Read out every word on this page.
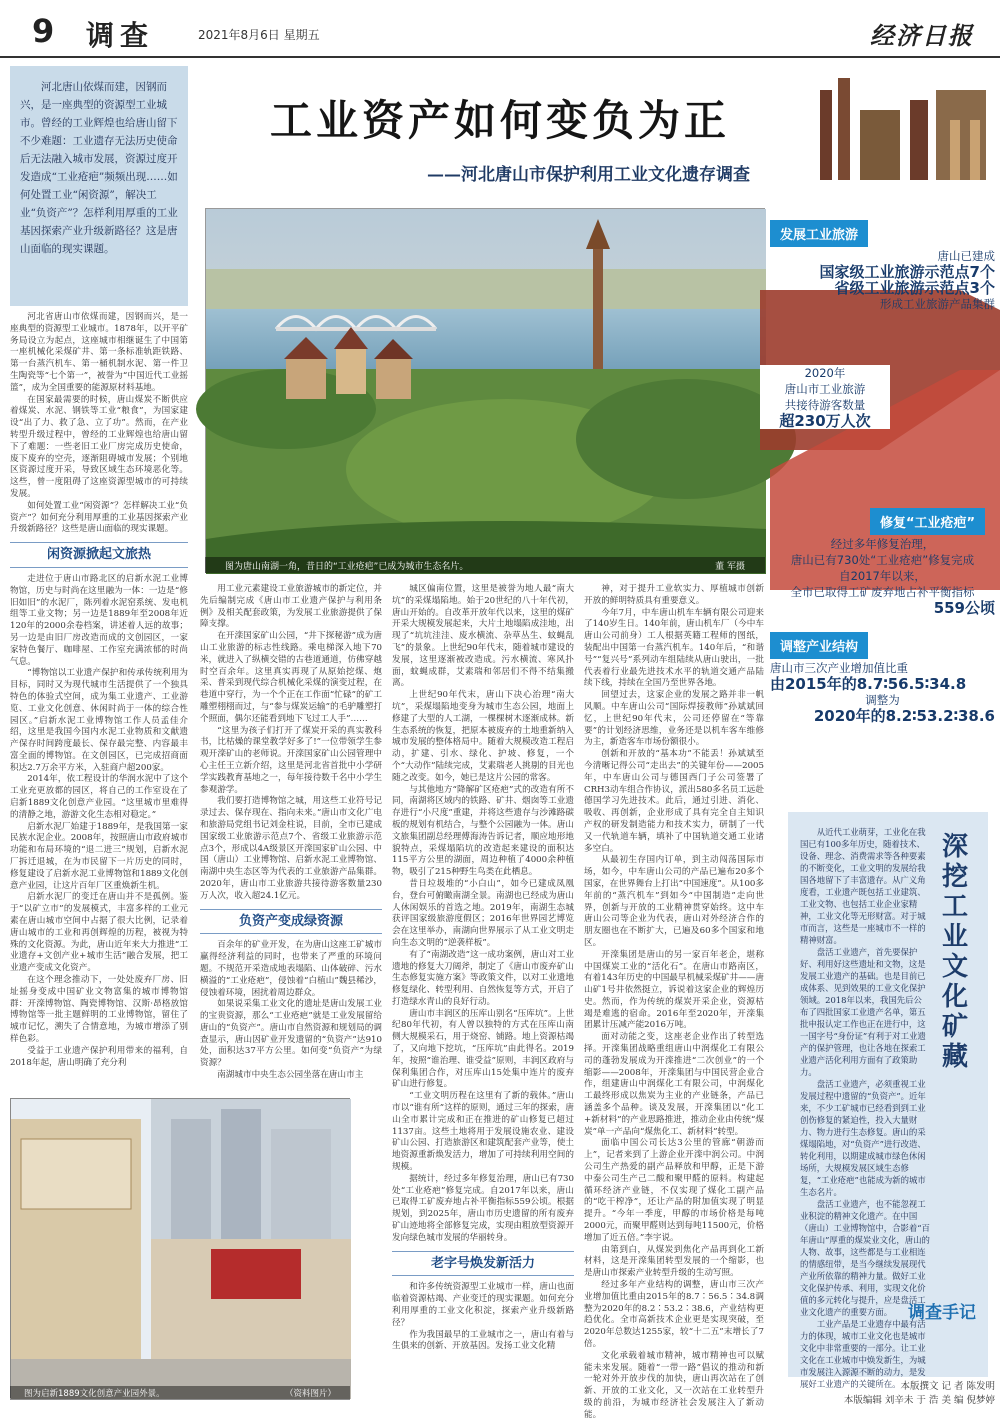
9 调查	2021年8月6日 星期五	经济日报

河北唐山依煤而建，因钢而兴，是一座典型的资源型工业城市。曾经的工业辉煌也给唐山留下不少难题：工业遗存无法历史使命后无法融入城市发展，资源过度开发造成“工业疮疤”频频出现……如何处置工业“闲资源”，解决工业“负资产”？怎样利用厚重的工业基因探索产业升级新路径？这是唐山面临的现实课题。

工业资产如何变负为正
——河北唐山市保护利用工业文化遗存调查
图为唐山南湖一角，昔日的“工业疮疤”已成为城市生态名片。	董 军摄
发展工业旅游
唐山已建成
国家级工业旅游示范点7个
省级工业旅游示范点3个
形成工业旅游产品集群
2020年
唐山市工业旅游
共接待游客数量
超230万人次
修复“工业疮疤”
经过多年修复治理，
唐山已有730处“工业疮疤”修复完成
自2017年以来，
全市已取得工矿废弃地占补平衡指标
559公顷
调整产业结构
唐山市三次产业增加值比重
由2015年的8.7∶56.5∶34.8
调整为
2020年的8.2∶53.2∶38.6

河北省唐山市依煤而建，因钢而兴，是一座典型的资源型工业城市。1878年，以开平矿务局设立为起点，这座城市相继诞生了中国第一座机械化采煤矿井、第一条标准轨距铁路、第一台蒸汽机车、第一桶机制水泥、第一件卫生陶瓷等“七个第一”，被誉为“中国近代工业摇篮”，成为全国重要的能源原材料基地。

在国家最需要的时候，唐山煤炭不断供应着煤炭、水泥、钢铁等工业“粮食”，为国家建设“出了力、救了急、立了功”。然而，在产业转型升级过程中，曾经的工业辉煌也给唐山留下了难题：一些老旧工业厂房完成历史使命，废下废弃的空壳，逐渐阻碍城市发展；个别地区资源过度开采，导致区域生态环境恶化等。这些，曾一度阻碍了这座资源型城市的可持续发展。

如何处置工业“闲资源”？怎样解决工业“负资产”？如何充分利用厚重的工业基因探索产业升级新路径？这些是唐山面临的现实课题。

闲资源掀起文旅热

走进位于唐山市路北区的启新水泥工业博物馆，历史与时尚在这里融为一体：一边是“修旧如旧”的水泥厂，陈列着水泥窑系统、发电机组等工业文物；另一边是1889年至2008年近120年的2000余卷档案，讲述着人远的故事；另一边是由旧厂房改造而成的文创园区，一家家特色餐厅、咖啡屋、工作室充满浓郁的时尚气息。

“博物馆以工业遗产保护和传承传统利用为目标，同时又为现代城市生活提供了一个独具特色的体验式空间，成为集工业遗产、工业游览、工业文化创意、休闲时尚于一体的综合性园区。”启新水泥工业博物馆工作人员孟佳介绍，这里是我国今国内水泥工业物质和文献遗产保存时间跨度最长、保存最完整、内容最丰富全面的博物馆。在文创园区，已完成招商面积达2.7万余平方米，入驻商户超200家。

2014年，依工程设计的华润水泥中了这个工业充更放都的园区，将自己的工作室设在了启新1889文化创意产业园。“这里城市里难得的清静之地，游游文化生态相对稳定。”

启新水泥厂始建于1889年，是我国第一家民族水泥企业。2008年，按照唐山市政府城市功能和布局环境的“退二进三”规划，启新水泥厂拆迁退城，在为市民留下一片历史的同时，修复建设了启新水泥工业博物馆和1889文化创意产业园，让这片百年厂区重焕新生机。

启新水泥厂的变迁在唐山并不是孤例。鉴于“以矿立市”的发展模式，丰富多样的工业元素在唐山城市空间中占据了很大比例，记录着唐山城市的工业和再创辉煌的历程，被视为特殊的文化资源。为此，唐山近年来大力推进“工业遗存+文创产业+城市生活”融合发展，把工业遗产变成文化资产。

在这个理念推动下，一处处废弃厂房、旧址摇身变成中国矿业文物富集的城市博物馆群：开滦博物馆、陶瓷博物馆、汉斯·昂格放馆博物馆等一批主题鲜明的工业博物馆，留住了城市记忆，溯失了合情意地，为城市增添了别样色彩。

受益于工业遗产保护利用带来的福利，自2018年起，唐山明确了充分利

用工业元素建设工业旅游城市的新定位，并先后编制完成《唐山市工业遗产保护与利用条例》及相关配套政策，为发展工业旅游提供了保障支撑。

在开滦国家矿山公园，“井下探秘游”成为唐山工业旅游的标志性线路。乘电梯深入地下70米，就进入了纵横交错的古巷道通道，仿佛穿越时空百余年。这里真实再现了从原始挖煤、炮采、普采到现代综合机械化采煤的演变过程，在巷道中穿行，为一个个正在工作面“忙碌”的矿工雕塑栩栩而过，与“参与煤炭运输”的毛驴雕塑打个照面，偶尔还能看到地下飞过工人手”……

“这里为孩子们打开了煤炭开采的真实教科书，比枯燥的课堂教学好多了!”一位带领学生参观开滦矿山的老师说。开滦国家矿山公园管理中心主任王立新介绍，这里是河北省首批中小学研学实践教育基地之一，每年接待数千名中小学生参观游学。

我们要打造博物馆之城，用这些工业符号记录过去、保存现在、指向未来。”唐山市文化广电和旅游局党组书记刘金柱说，目前，全市已建成国家级工业旅游示范点7个、省级工业旅游示范点3个，形成以4A级景区开滦国家矿山公园、中国（唐山）工业博物馆、启新水泥工业博物馆、南湖中央生态区等为代表的工业旅游产品集群。2020年，唐山市工业旅游共接待游客数量230万人次，收入超24.1亿元。

负资产变成绿资源

百余年的矿业开发，在为唐山这座工矿城市赢得经济利益的同时，也带来了严重的环境问题。不规范开采造成地表塌陷、山体破碎、污水横溢的“工业疮疤”，侵蚀着“白植山”魏县稀沙，侵蚀着环境，困扰着周边群众。

如果说采集工业文化的遗址是唐山发展工业的宝贵资源，那么“工业疮疤”就是工业发展留给唐山的“负资产”。唐山市自然资源和规划局的调查显示，唐山因矿业开发遗留的“负资产”达910处，面积达37平方公里。如何变“负资产”为绿资源？

南湖城市中央生态公园坐落在唐山市主

城区偏南位置，这里是被誉为地人最“南大坑”的采煤塌陷地。始于20世纪的八十年代初，唐山开始的。自改革开放年代以来，这里的煤矿开采大规模发展起来，大片土地塌陷成洼地，出现了“坑坑洼洼、废水横流、杂草丛生、蚊蝇乱飞”的景象。上世纪90年代末，随着城市建设的发展，这里逐渐被改造成。污水横流、寒风扑面，蚊蝇成群，艾素瑞和邻居们不得不结集搬离。

上世纪90年代末，唐山下决心治理“南大坑”，采煤塌陷地变身为城市生态公园，地面上修建了大型的人工湖，一棵棵树木逐渐成林。新生态系统的恢复，把原本被废弃的土地重新纳入城市发展的整体格局中。随着大规模改造工程启动，扩建、引水、绿化、护坡、修复，一个个“大动作”陆续完成，艾素瑞老人挑剔的目光也随之改变。如今，她已是这片公园的常客。

与其他地方“降解矿区疮疤”式的改造有所不同，南湖将区域内的铁路、矿井、烟囱等工业遗存进行“小尺度”重建，并将这些遗存与沙滩路碳板的规划有机结合，与整个公园融为一体。唐山文旅集团副总经理傅海涛告诉记者，顺应地形地貌特点，采煤塌陷坑的改造起来建设的面积达115平方公里的湖面，周边种植了4000余种植物，吸引了215种野生鸟类在此栖息。

昔日垃圾堆的“小白山”，如今已建成凤凰台，登台可俯瞰南湖全景。南湖也已经成为唐山人休闲娱乐的首选之地。2019年，南湖生态城获评国家级旅游度假区；2016年世界园艺博览会在这里举办，南湖向世界展示了从工业文明走向生态文明的“逆袭样板”。

有了“南湖改造”这一成功案例，唐山对工业遗地的修复大刀阔斧，制定了《唐山市废弃矿山生态修复实施方案》等政策文件，以对工业遗地修复绿化、转型利用、自然恢复等方式，开启了打造绿水青山的良好行动。

唐山市丰润区的压库山别名“压库坑”。上世纪80年代初，有人曾以独特的方式在压库山南侧大规模采石，用于烧窑、铺路。地上资源枯竭了，又向地下挖坑，“压库坑”由此得名。2019年，按照“谁治理、谁受益”原则，丰润区政府与保利集团合作，对压库山15处集中连片的废弃矿山进行修复。

“工业文明历程在这里有了新的载体。”唐山市以“谁有所”这样的原则，通过三年的探索，唐山全市累计完成和正在推进的矿山修复已超过1137亩。这些土地将用于发展设施农业、建设矿山公园、打造旅游区和建筑配套产业等，使土地资源重新焕发活力，增加了可持续利用空间的规模。

据统计，经过多年修复治理，唐山已有730处“工业疮疤”修复完成。自2017年以来，唐山已取得工矿废弃地占补平衡指标559公顷。根据规划，到2025年，唐山市历史遗留的所有废弃矿山迹地将全部修复完成，实现由粗放型资源开发向绿色城市发展的华丽转身。

老字号焕发新活力

和许多传统资源型工业城市一样，唐山也面临着资源枯竭、产业变迁的现实课题。如何充分利用厚重的工业文化积淀，探索产业升级新路径？

作为我国最早的工业城市之一，唐山有着与生俱来的创新、开放基因。发扬工业文化精

神，对于提升工业软实力、厚植城市创新开放的鲜明特质具有重要意义。

今年7月，中车唐山机车车辆有限公司迎来了140岁生日。140年前，唐山机车厂（今中车唐山公司前身）工人根据英籍工程师的图纸，装配出中国第一台蒸汽机车。140年后，“和谐号”“复兴号”系列动车组陆续从唐山驶出，一批代表着行业最先进技术水平的轨道交通产品陆续下线，持续在全国乃至世界各地。

回望过去，这家企业的发展之路并非一帆风顺。中车唐山公司“国际焊接教师”孙斌斌回忆，上世纪90年代末，公司还停留在“等靠要”的计划经济思维，业务还是以机车客车维修为主，新造客车市场份额很小。

创新和开放的“基本功”不能丢！孙斌斌至今清晰记得公司“走出去”的关键年份——2005年，中车唐山公司与德国西门子公司签署了CRH3动车组合作协议，派出580多名员工远赴德国学习先进技术。此后，通过引进、消化、吸收、再创新，企业形成了具有完全自主知识产权的研发制造能力和技术实力，研制了一代又一代轨道车辆，填补了中国轨道交通工业诸多空白。

从最初生存国内订单，到主动闯荡国际市场，如今，中车唐山公司的产品已遍布20多个国家，在世界舞台上打出“中国速度”。从100多年前的“蒸汽机车”到如今“中国制造”走向世界，创新与开放的工业精神贯穿始终。这中车唐山公司等企业为代表，唐山对外经济合作的朋友圈也在不断扩大，已遍及60多个国家和地区。

开滦集团是唐山的另一家百年老企，堪称中国煤炭工业的“活化石”。在唐山市路南区，有着143年历史的中国最早机械采煤矿井——唐山矿1号井依然挺立，诉说着这家企业的辉煌历史。然而，作为传统的煤炭开采企业，资源枯竭是难逃的宿命。2016年至2020年，开滦集团累计压减产能2016万吨。

面对动能之变，这座老企业作出了转型选择。开滦集团战略重组唐山中润煤化工有限公司的蓬勃发展成为开滦推进“二次创业”的一个缩影——2008年，开滦集团与中国民营企业合作，组建唐山中润煤化工有限公司，中润煤化工最终形成以焦炭为主业的产业链条，产品已涵盖多个品种。谈及发展，开滦集团以“化工+新材料”的产业思路推进，推动企业由传统“煤炭”单一产品向“煤焦化工、新材料”转型。

面临中国公司长达3公里的管廊“朝游而上”，记者来到了上游企业开滦中润公司。中润公司生产热爱的副产品释放和甲醇，正是下游中泰公司生产己二酸和聚甲醛的原料。构建起循环经济产业链，不仅实现了煤化工副产品的“吃干榨净”，还让产品的附加值实现了明显提升。“今年一季度，甲醇的市场价格是每吨2000元，而聚甲醛则达到每吨11500元，价格增加了近五倍。”李宇说。

由第到白，从煤炭到焦化产品再到化工新材料，这是开滦集团转型发展的一个缩影，也是唐山市探索产业转型升级的生动写照。

经过多年产业结构的调整，唐山市三次产业增加值比重由2015年的8.7∶56.5∶34.8调整为2020年的8.2∶53.2∶38.6，产业结构更趋优化。全市高新技术企业更是实现突破，至2020年总数达1255家，较“十二五”末增长了7倍。

文化承载着城市精神，城市精神也可以赋能未来发展。随着“一带一路”倡议的推动和新一轮对外开放步伐的加快，唐山再次站在了创新、开放的工业文化，又一次站在工业转型升级的前沿，为城市经济社会发展注入了新动能。

从近代工业萌芽，工业化在我国已有100多年历史，随着技术、设备、理念、消费需求等各种要素的不断变化，工业文明的发展给我国各地留下了丰富遗存。从广义角度看，工业遗产既包括工业建筑、工业文物、也包括工业企业家精神，工业文化等无形财富。对于城市而言，这些是一座城市不一样的精神财富。

盘活工业遗产，首先要保护好、利用好这些遗址和文物，这是发展工业遗产的基础。也是目前已成体系、见到效果的工业文化保护领域。2018年以来，我国先后公布了四批国家工业遗产名单，第五批申报认定工作也正在进行中，这一国字号“身份证”有利于对工业遗产的保护管理，也让各地在探索工业遗产活化利用方面有了政策助力。

盘活工业遗产，必须重视工业发展过程中遗留的“负资产”。近年来，不少工矿城市已经看到到工业创伤修复的紧迫性，投入大量财力、物力进行生态修复。唐山的采煤塌陷地，对“负资产”进行改造、转化利用，以期建成城市绿色休闲场所，大规模发展区域生态修复，“工业疮疤”也能成为新的城市生态名片。

盘活工业遗产，也不能忽视工业积淀的精神文化遗产。在中国（唐山）工业博物馆中，合影着“百年唐山”厚重的煤炭业文化，唐山的人物、故事，这些都是与工业相连的情感纽带，是当今继续发展现代产业所依靠的精神力量。做好工业文化保护传承、利用，实现文化价值的多元转化与提升，应是盘活工业文化遗产的重要方面。

工业产品是工业遗存中最有活力的体现，城市工业文化也是城市文化中非常重要的一部分。让工业文化在工业城市中焕发新生，为城市发展注入源源不断的动力，是发展好工业遗产的关键所在。

深挖工业文化矿藏
调查手记
图为启新1889文化创意产业园外景。	（资料图片）
本版撰文 记 者 陈发明
本版编辑 刘辛未 于 浩 美 编 倪梦婷
